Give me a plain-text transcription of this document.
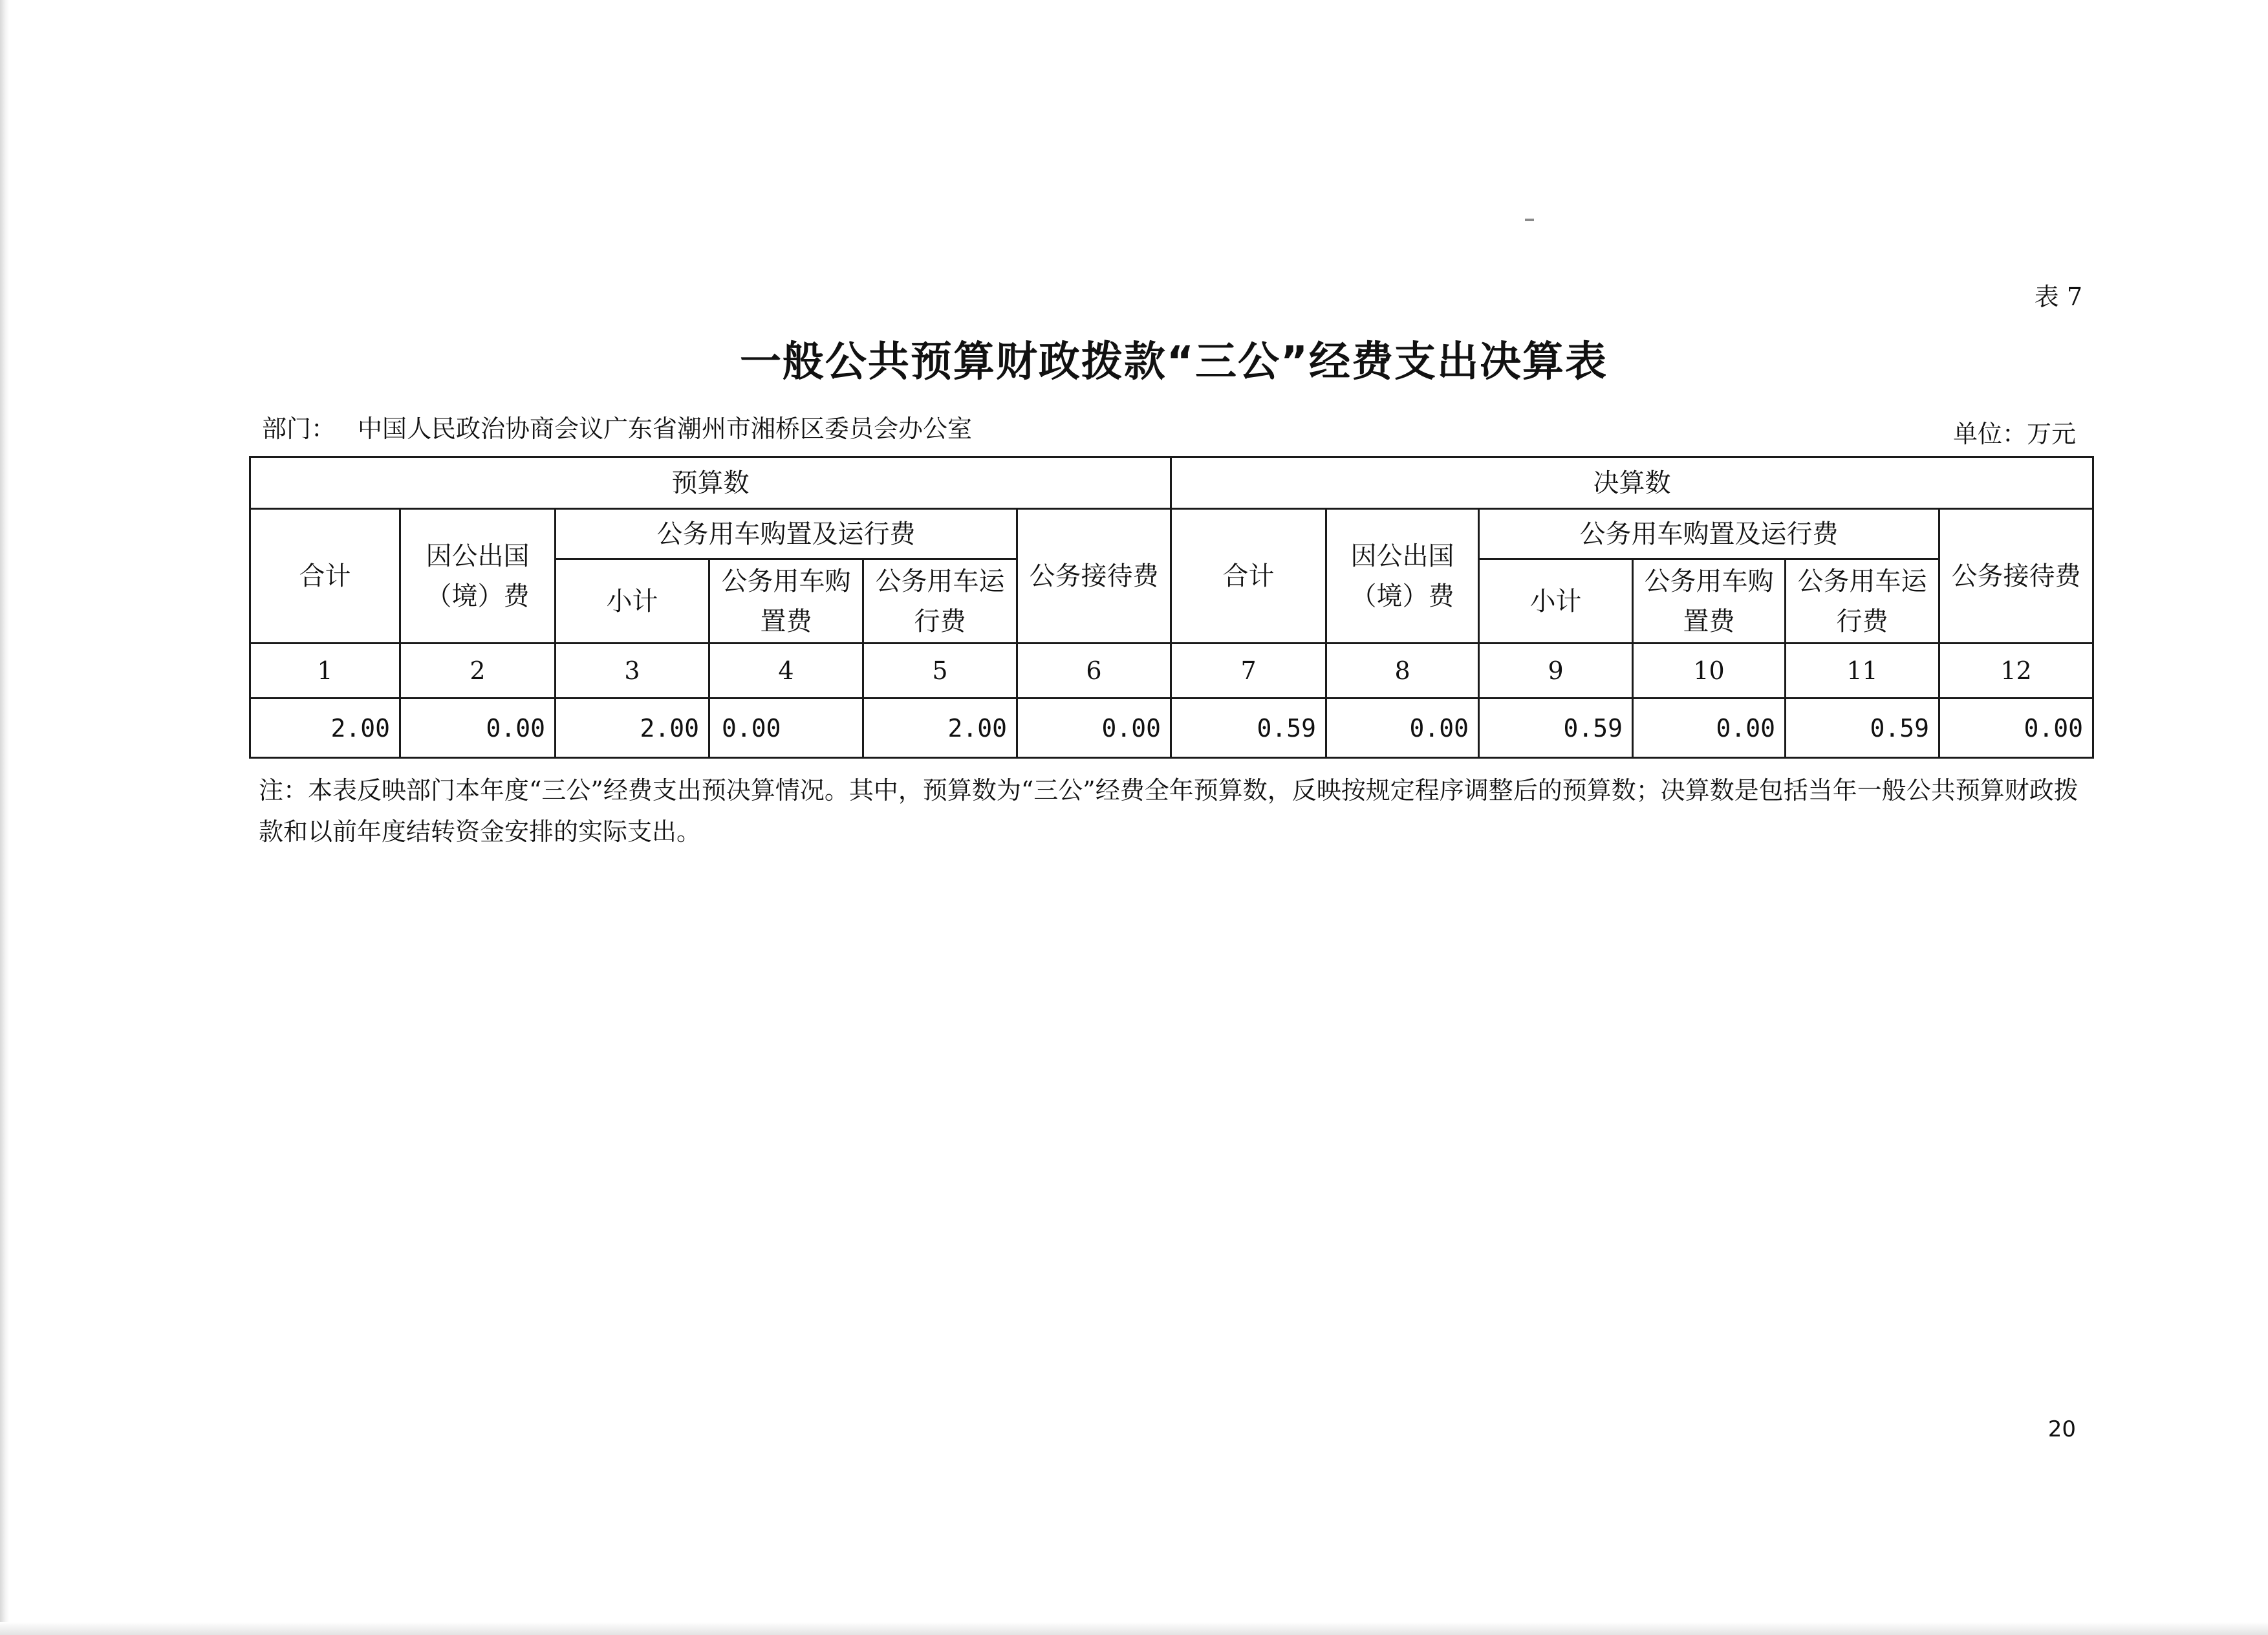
表 7
一般公共预算财政拨款“三公”经费支出决算表
部门： 中国人民政治协商会议广东省潮州市湘桥区委员会办公室	单位：万元
预算数						决算数					
合计	因公出国（境）费	公务用车购置及运行费			公务接待费	合计	因公出国（境）费	公务用车购置及运行费			公务接待费
		小计	公务用车购置费	公务用车运行费				小计	公务用车购置费	公务用车运行费	
1	2	3	4	5	6	7	8	9	10	11	12
2.00	0.00	2.00	0.00	2.00	0.00	0.59	0.00	0.59	0.00	0.59	0.00
注：本表反映部门本年度“三公”经费支出预决算情况。其中，预算数为“三公”经费全年预算数，反映按规定程序调整后的预算数；决算数是包括当年一般公共预算财政拨款和以前年度结转资金安排的实际支出。
20
